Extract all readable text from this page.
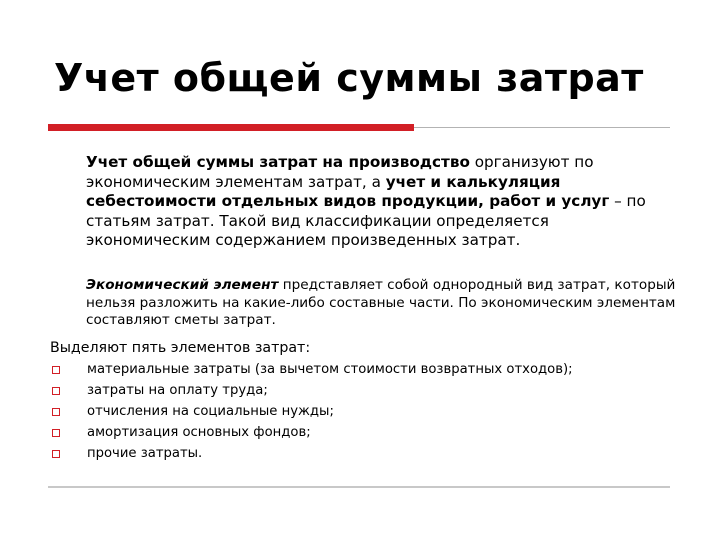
Учет общей суммы затрат

Учет общей суммы затрат на производство организуют по экономическим элементам затрат, а учет и калькуляция себестоимости отдельных видов продукции, работ и услуг – по статьям затрат. Такой вид классификации определяется экономическим содержанием произведенных затрат.

Экономический элемент представляет собой однородный вид затрат, который нельзя разложить на какие-либо составные части. По экономическим элементам составляют сметы затрат.

Выделяют пять элементов затрат:

материальные затраты (за вычетом стоимости возвратных отходов);
затраты на оплату труда;
отчисления на социальные нужды;
амортизация основных фондов;
прочие затраты.
